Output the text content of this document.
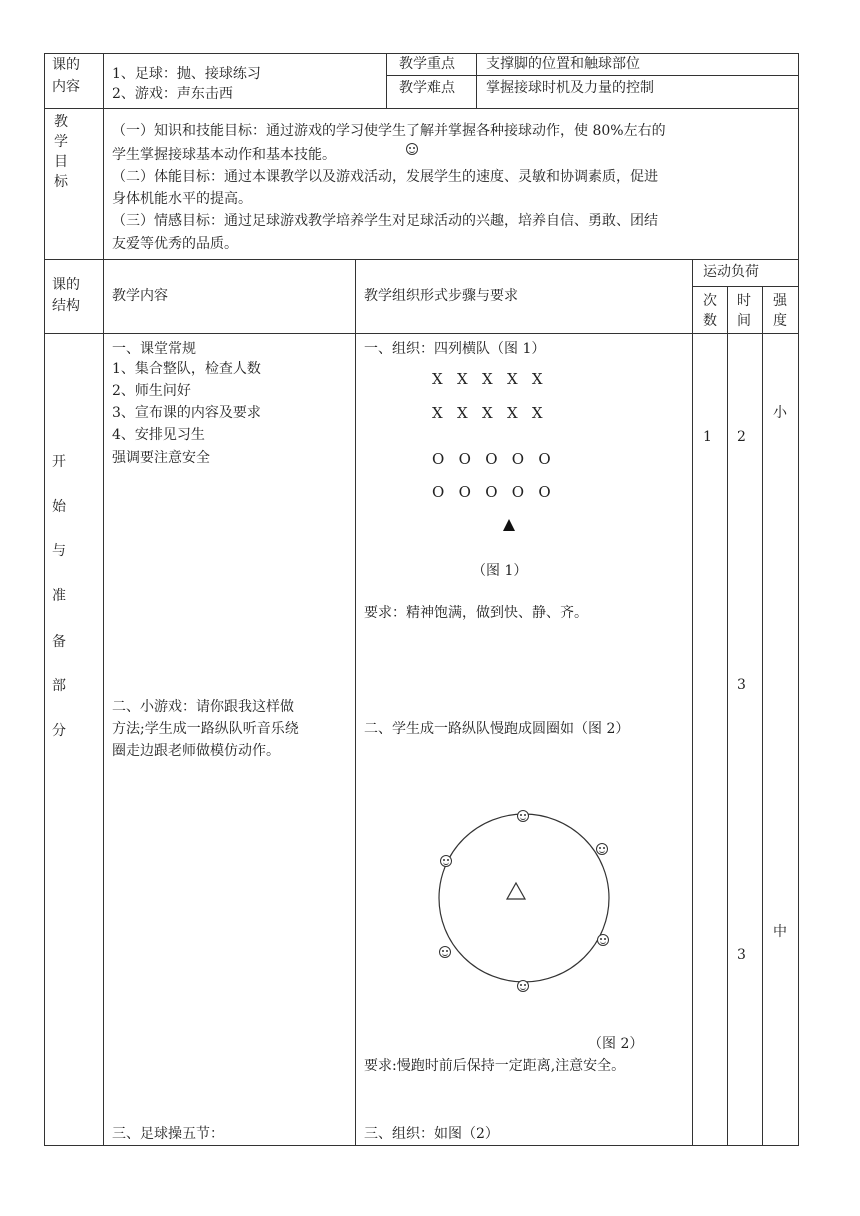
课的
内容
1、足球：抛、接球练习
2、游戏：声东击西
教学重点 支撑脚的位置和触球部位
教学难点 掌握接球时机及力量的控制
教
学
目
标
（一）知识和技能目标：通过游戏的学习使学生了解并掌握各种接球动作，使 80%左右的
学生掌握接球基本动作和基本技能。
（二）体能目标：通过本课教学以及游戏活动，发展学生的速度、灵敏和协调素质，促进
身体机能水平的提高。
（三）情感目标：通过足球游戏教学培养学生对足球活动的兴趣，培养自信、勇敢、团结
友爱等优秀的品质。
课的
结构
教学内容	教学组织形式步骤与要求
运动负荷
次
数
时
间
强
度
开
始
与
准
备
部
分
一、课堂常规
1、集合整队，检查人数
2、师生问好
3、宣布课的内容及要求
4、安排见习生
强调要注意安全
二、小游戏：请你跟我这样做
方法;学生成一路纵队听音乐绕
圈走边跟老师做模仿动作。
三、足球操五节：
一、组织：四列横队（图 1）
X   X   X   X   X
X   X   X   X   X
O   O   O   O   O
O   O   O   O   O
（图 1）
要求：精神饱满，做到快、静、齐。
二、学生成一路纵队慢跑成圆圈如（图 2）
（图 2）
要求:慢跑时前后保持一定距离,注意安全。
三、组织：如图（2）
1 2
3
3
小
中
